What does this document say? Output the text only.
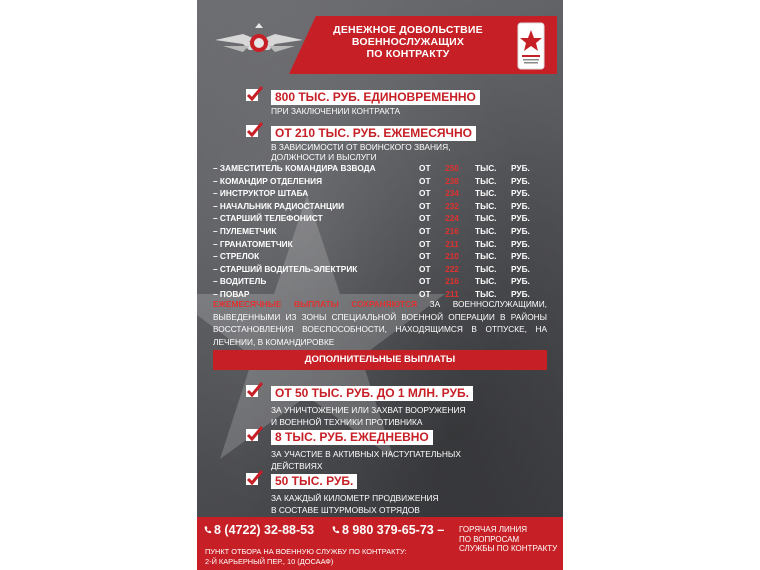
ДЕНЕЖНОЕ ДОВОЛЬСТВИЕ
ВОЕННОСЛУЖАЩИХ
ПО КОНТРАКТУ
800 ТЫС. РУБ. ЕДИНОВРЕМЕННО
ПРИ ЗАКЛЮЧЕНИИ КОНТРАКТА
ОТ 210 ТЫС. РУБ. ЕЖЕМЕСЯЧНО
В ЗАВИСИМОСТИ ОТ ВОИНСКОГО ЗВАНИЯ,
ДОЛЖНОСТИ И ВЫСЛУГИ
– ЗАМЕСТИТЕЛЬ КОМАНДИРА ВЗВОДА	ОТ	250	ТЫС. РУБ.
– КОМАНДИР ОТДЕЛЕНИЯ	ОТ	238	ТЫС. РУБ.
– ИНСТРУКТОР ШТАБА	ОТ	234	ТЫС. РУБ.
– НАЧАЛЬНИК РАДИОСТАНЦИИ	ОТ	232	ТЫС. РУБ.
– СТАРШИЙ ТЕЛЕФОНИСТ	ОТ	224	ТЫС. РУБ.
– ПУЛЕМЕТЧИК	ОТ	216	ТЫС. РУБ.
– ГРАНАТОМЕТЧИК	ОТ	211	ТЫС. РУБ.
– СТРЕЛОК	ОТ	210	ТЫС. РУБ.
– СТАРШИЙ ВОДИТЕЛЬ-ЭЛЕКТРИК	ОТ	222	ТЫС. РУБ.
– ВОДИТЕЛЬ	ОТ	216	ТЫС. РУБ.
– ПОВАР	ОТ	211	ТЫС. РУБ.
ЕЖЕМЕСЯЧНЫЕ ВЫПЛАТЫ СОХРАНЯЮТСЯ ЗА ВОЕННОСЛУЖАЩИМИ, ВЫВЕДЕННЫМИ ИЗ ЗОНЫ СПЕЦИАЛЬНОЙ ВОЕННОЙ ОПЕРАЦИИ В РАЙОНЫ ВОССТАНОВЛЕНИЯ ВОЕСПОСОБНОСТИ, НАХОДЯЩИМСЯ В ОТПУСКЕ, НА ЛЕЧЕНИИ, В КОМАНДИРОВКЕ
ДОПОЛНИТЕЛЬНЫЕ ВЫПЛАТЫ
ОТ 50 ТЫС. РУБ. ДО 1 МЛН. РУБ.
ЗА УНИЧТОЖЕНИЕ ИЛИ ЗАХВАТ ВООРУЖЕНИЯ
И ВОЕННОЙ ТЕХНИКИ ПРОТИВНИКА
8 ТЫС. РУБ. ЕЖЕДНЕВНО
ЗА УЧАСТИЕ В АКТИВНЫХ НАСТУПАТЕЛЬНЫХ
ДЕЙСТВИЯХ
50 ТЫС. РУБ.
ЗА КАЖДЫЙ КИЛОМЕТР ПРОДВИЖЕНИЯ
В СОСТАВЕ ШТУРМОВЫХ ОТРЯДОВ
8 (4722) 32-88-53 8 980 379-65-73 – ГОРЯЧАЯ ЛИНИЯ
ПО ВОПРОСАМ
СЛУЖБЫ ПО КОНТРАКТУ
ПУНКТ ОТБОРА НА ВОЕННУЮ СЛУЖБУ ПО КОНТРАКТУ:
2-Й КАРЬЕРНЫЙ ПЕР., 10 (ДОСААФ)
